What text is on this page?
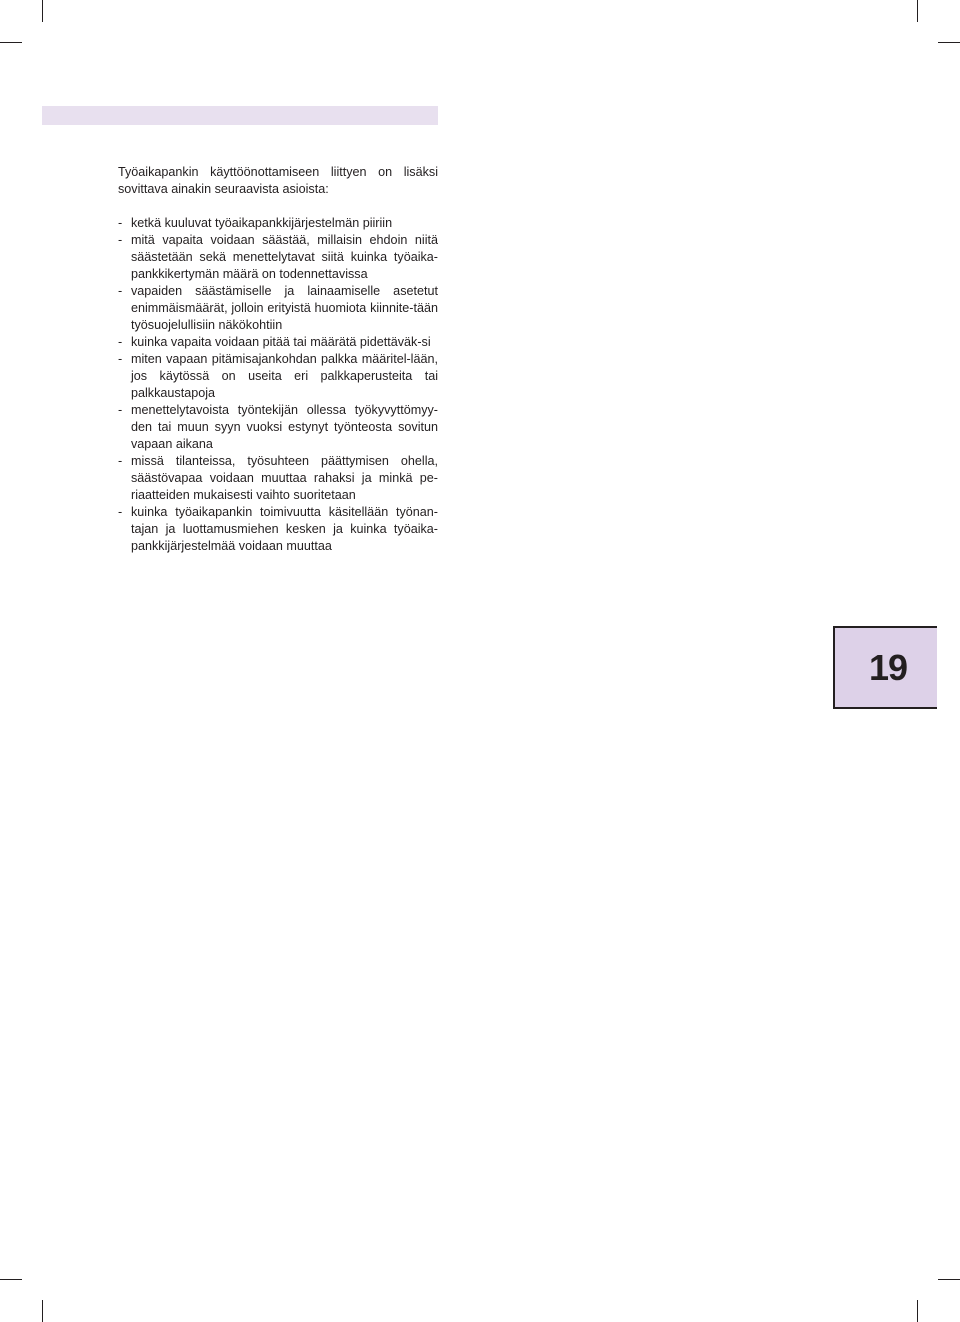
Työaikapankin käyttöönottamiseen liittyen on lisäksi sovittava ainakin seuraavista asioista:

- ketkä kuuluvat työaikapankkijärjestelmän piiriin
- mitä vapaita voidaan säästää, millaisin ehdoin niitä säästetään sekä menettelytavat siitä kuinka työaika-pankkikertymän määrä on todennettavissa
- vapaiden säästämiselle ja lainaamiselle asetetut enimmäismäärät, jolloin erityistä huomiota kiinnite-tään työsuojelullisiin näkökohtiin
- kuinka vapaita voidaan pitää tai määrätä pidettäväk-si
- miten vapaan pitämisajankohdan palkka määritel-lään, jos käytössä on useita eri palkkaperusteita tai palkkaustapoja
- menettelytavoista työntekijän ollessa työkyvyttömyy-den tai muun syyn vuoksi estynyt työnteosta sovitun vapaan aikana
- missä tilanteissa, työsuhteen päättymisen ohella, säästövapaa voidaan muuttaa rahaksi ja minkä pe-riaatteiden mukaisesti vaihto suoritetaan
- kuinka työaikapankin toimivuutta käsitellään työnan-tajan ja luottamusmiehen kesken ja kuinka työaika-pankkijärjestelmää voidaan muuttaa
19
